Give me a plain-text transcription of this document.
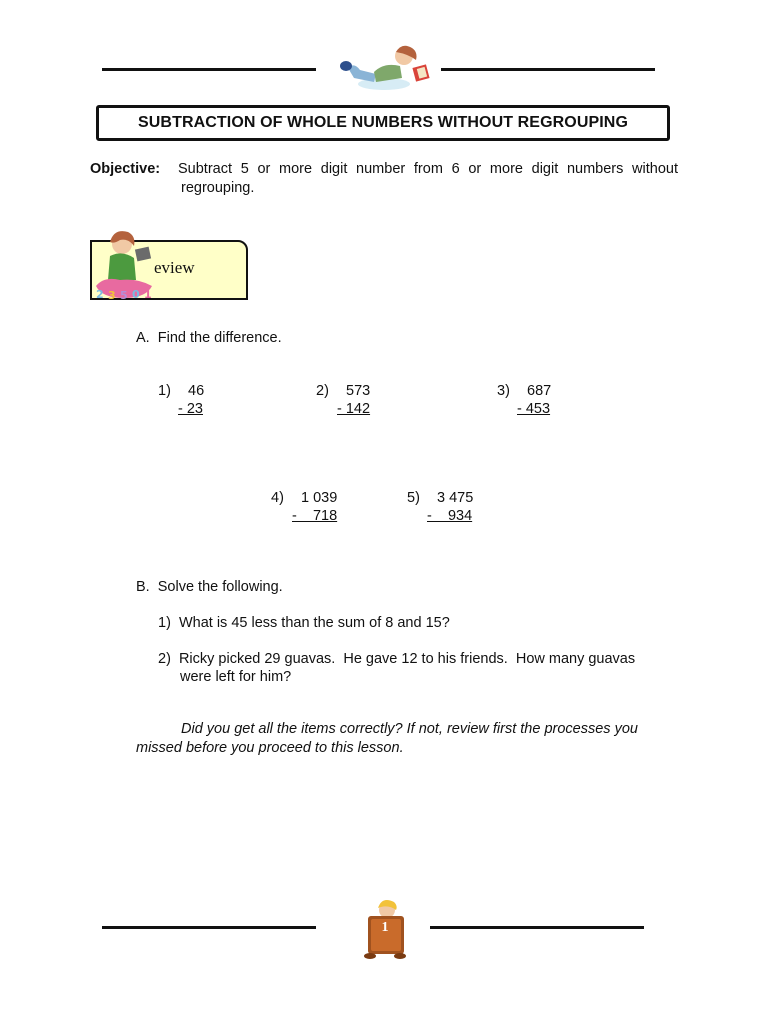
SUBTRACTION OF WHOLE NUMBERS WITHOUT REGROUPING
Objective: Subtract 5 or more digit number from 6 or more digit numbers without
regrouping.
eview
2 3 5 0 1
A.  Find the difference.
1) 46
- 23
2) 573
- 142
3) 687
- 453
4) 1 039
-    718
5) 3 475
-    934
B.  Solve the following.
1)  What is 45 less than the sum of 8 and 15?
2)  Ricky picked 29 guavas.  He gave 12 to his friends.  How many guavas
were left for him?
Did you get all the items correctly? If not, review first the processes you
missed before you proceed to this lesson.
1
